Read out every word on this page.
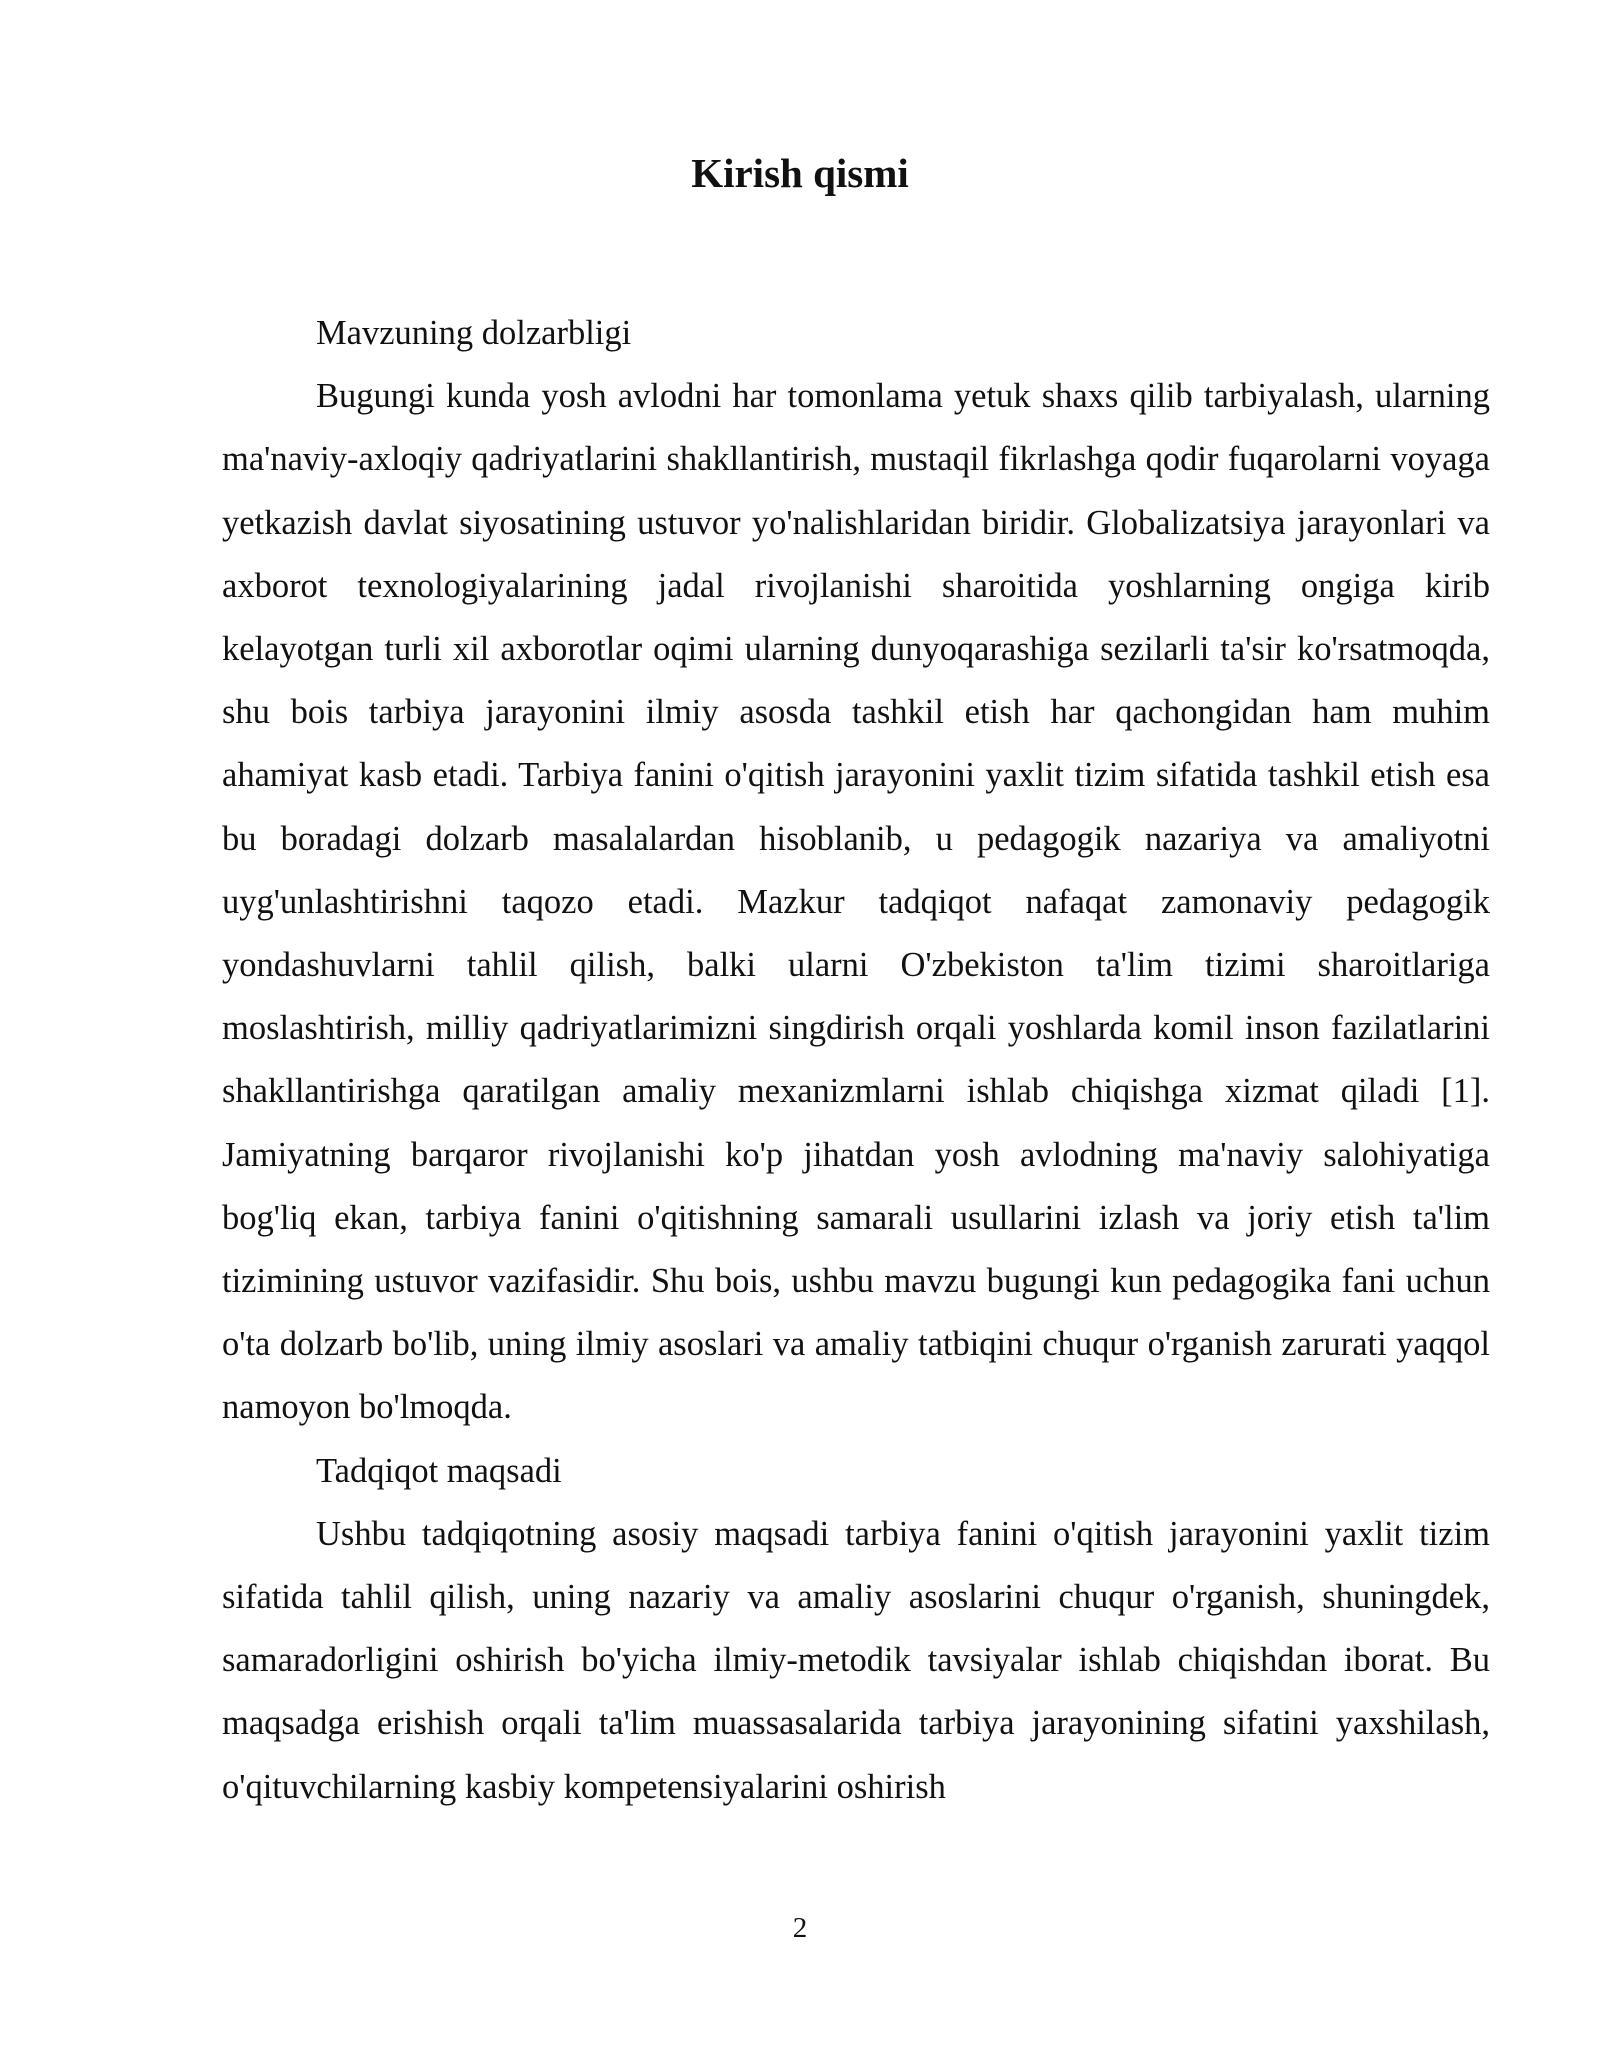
Kirish qismi

Mavzuning dolzarbligi

Bugungi kunda yosh avlodni har tomonlama yetuk shaxs qilib tarbiyalash, ularning ma'naviy-axloqiy qadriyatlarini shakllantirish, mustaqil fikrlashga qodir fuqarolarni voyaga yetkazish davlat siyosatining ustuvor yo'nalishlaridan biridir. Globalizatsiya jarayonlari va axborot texnologiyalarining jadal rivojlanishi sharoitida yoshlarning ongiga kirib kelayotgan turli xil axborotlar oqimi ularning dunyoqarashiga sezilarli ta'sir ko'rsatmoqda, shu bois tarbiya jarayonini ilmiy asosda tashkil etish har qachongidan ham muhim ahamiyat kasb etadi. Tarbiya fanini o'qitish jarayonini yaxlit tizim sifatida tashkil etish esa bu boradagi dolzarb masalalardan hisoblanib, u pedagogik nazariya va amaliyotni uyg'unlashtirishni taqozo etadi. Mazkur tadqiqot nafaqat zamonaviy pedagogik yondashuvlarni tahlil qilish, balki ularni O'zbekiston ta'lim tizimi sharoitlariga moslashtirish, milliy qadriyatlarimizni singdirish orqali yoshlarda komil inson fazilatlarini shakllantirishga qaratilgan amaliy mexanizmlarni ishlab chiqishga xizmat qiladi [1]. Jamiyatning barqaror rivojlanishi ko'p jihatdan yosh avlodning ma'naviy salohiyatiga bog'liq ekan, tarbiya fanini o'qitishning samarali usullarini izlash va joriy etish ta'lim tizimining ustuvor vazifasidir. Shu bois, ushbu mavzu bugungi kun pedagogika fani uchun o'ta dolzarb bo'lib, uning ilmiy asoslari va amaliy tatbiqini chuqur o'rganish zarurati yaqqol namoyon bo'lmoqda.

Tadqiqot maqsadi

Ushbu tadqiqotning asosiy maqsadi tarbiya fanini o'qitish jarayonini yaxlit tizim sifatida tahlil qilish, uning nazariy va amaliy asoslarini chuqur o'rganish, shuningdek, samaradorligini oshirish bo'yicha ilmiy-metodik tavsiyalar ishlab chiqishdan iborat. Bu maqsadga erishish orqali ta'lim muassasalarida tarbiya jarayonining sifatini yaxshilash, o'qituvchilarning kasbiy kompetensiyalarini oshirish

2
